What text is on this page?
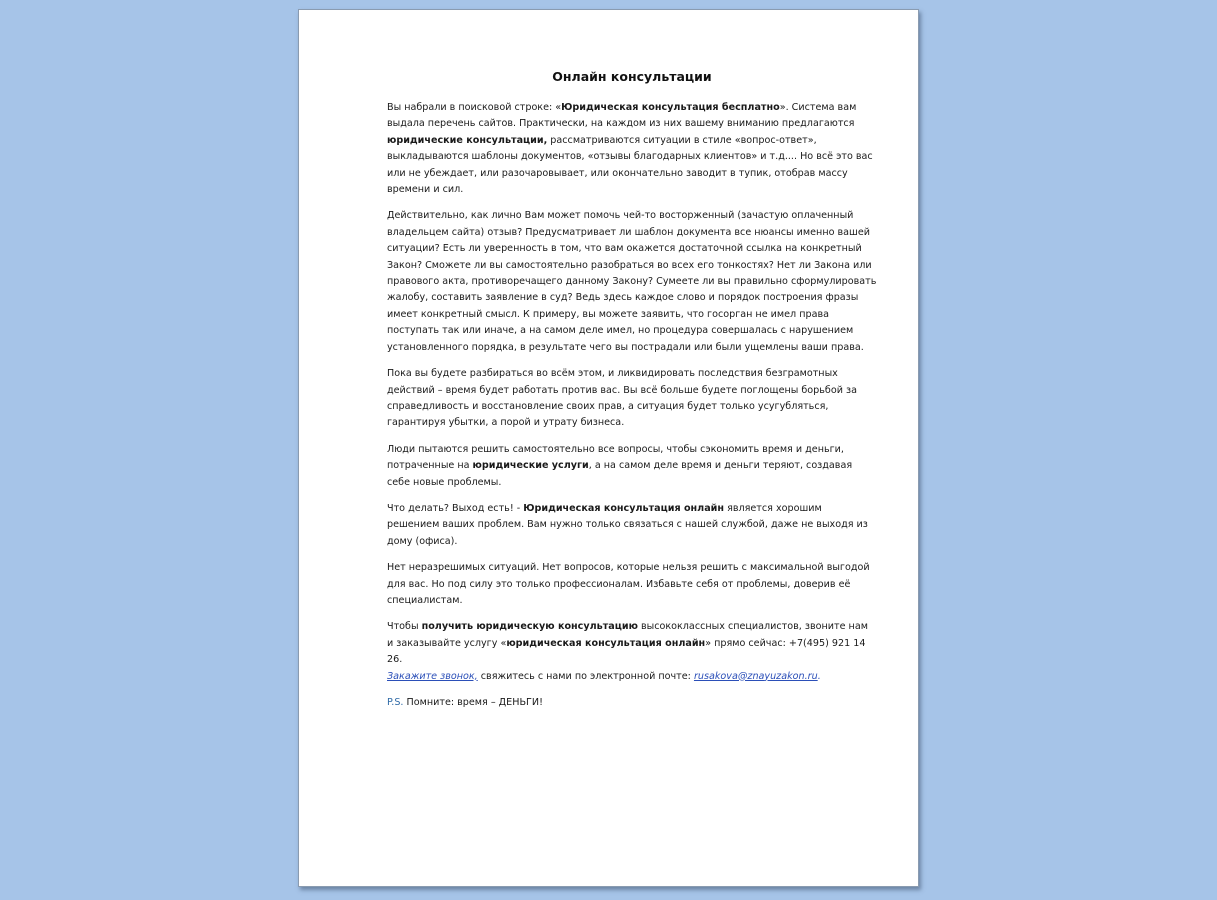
Онлайн консультации

Вы набрали в поисковой строке: «Юридическая консультация бесплатно». Система вам выдала перечень сайтов. Практически, на каждом из них вашему вниманию предлагаются юридические консультации, рассматриваются ситуации в стиле «вопрос-ответ», выкладываются шаблоны документов, «отзывы благодарных клиентов» и т.д.... Но всё это вас или не убеждает, или разочаровывает, или окончательно заводит в тупик, отобрав массу времени и сил.

Действительно, как лично Вам может помочь чей-то восторженный (зачастую оплаченный владельцем сайта) отзыв? Предусматривает ли шаблон документа все нюансы именно вашей ситуации? Есть ли уверенность в том, что вам окажется достаточной ссылка на конкретный Закон? Сможете ли вы самостоятельно разобраться во всех его тонкостях? Нет ли Закона или правового акта, противоречащего данному Закону? Сумеете ли вы правильно сформулировать жалобу, составить заявление в суд? Ведь здесь каждое слово и порядок построения фразы имеет конкретный смысл. К примеру, вы можете заявить, что госорган не имел права поступать так или иначе, а на самом деле имел, но процедура совершалась с нарушением установленного порядка, в результате чего вы пострадали или были ущемлены ваши права.

Пока вы будете разбираться во всём этом, и ликвидировать последствия безграмотных действий – время будет работать против вас. Вы всё больше будете поглощены борьбой за справедливость и восстановление своих прав, а ситуация будет только усугубляться, гарантируя убытки, а порой и утрату бизнеса.

Люди пытаются решить самостоятельно все вопросы, чтобы сэкономить время и деньги, потраченные на юридические услуги, а на самом деле время и деньги теряют, создавая себе новые проблемы.

Что делать? Выход есть! - Юридическая консультация онлайн является хорошим решением ваших проблем. Вам нужно только связаться с нашей службой, даже не выходя из дому (офиса).

Нет неразрешимых ситуаций. Нет вопросов, которые нельзя решить с максимальной выгодой для вас. Но под силу это только профессионалам. Избавьте себя от проблемы, доверив её специалистам.

Чтобы получить юридическую консультацию высококлассных специалистов, звоните нам и заказывайте услугу «юридическая консультация онлайн» прямо сейчас: +7(495) 921 14 26.
Закажите звонок, свяжитесь с нами по электронной почте: rusakova@znayuzakon.ru.

P.S. Помните: время – ДЕНЬГИ!
